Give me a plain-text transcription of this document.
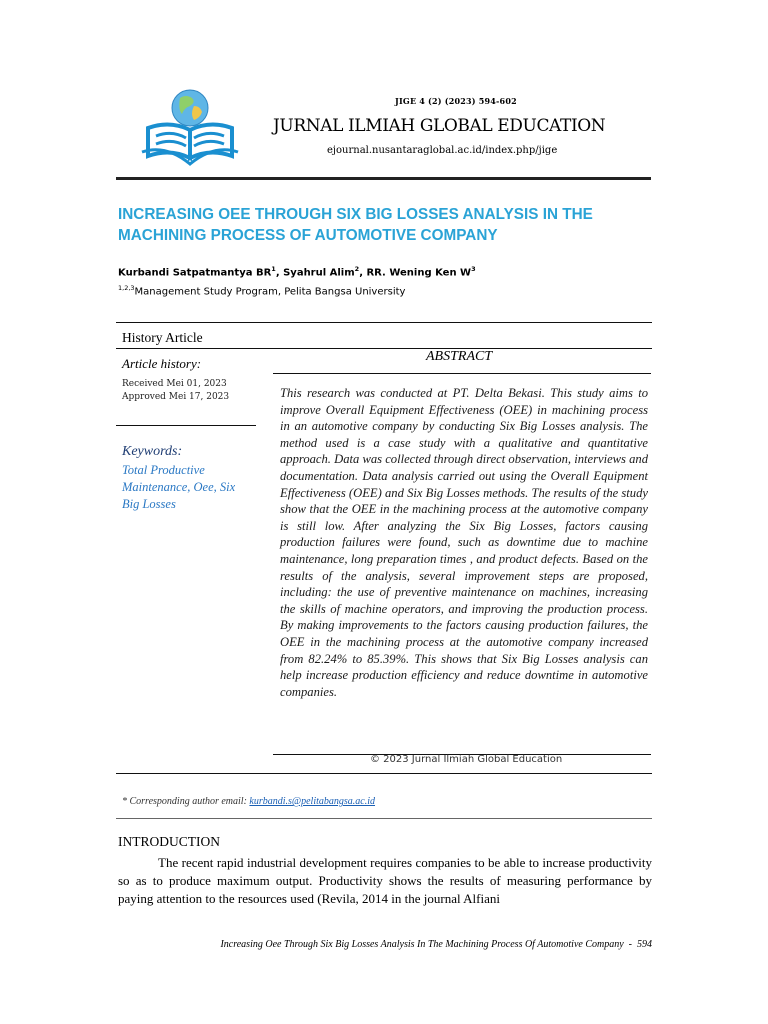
JIGE 4 (2) (2023) 594-602
JURNAL ILMIAH GLOBAL EDUCATION
ejournal.nusantaraglobal.ac.id/index.php/jige
INCREASING OEE THROUGH SIX BIG LOSSES ANALYSIS IN THE MACHINING PROCESS OF AUTOMOTIVE COMPANY
Kurbandi Satpatmantya $BR^1$, Syahrul Alim$^2$, RR. Wening Ken $W^3$
$^{1,2,3}$Management Study Program, Pelita Bangsa University
History Article
Article history:
Received Mei 01, 2023
Approved Mei 17, 2023
Keywords:
Total Productive Maintenance, Oee, Six Big Losses
ABSTRACT
This research was conducted at PT. Delta Bekasi. This study aims to improve Overall Equipment Effectiveness (OEE) in machining process in an automotive company by conducting Six Big Losses analysis. The method used is a case study with a qualitative and quantitative approach. Data was collected through direct observation, interviews and documentation. Data analysis carried out using the Overall Equipment Effectiveness (OEE) and Six Big Losses methods. The results of the study show that the OEE in the machining process at the automotive company is still low. After analyzing the Six Big Losses, factors causing production failures were found, such as downtime due to machine maintenance, long preparation times , and product defects. Based on the results of the analysis, several improvement steps are proposed, including: the use of preventive maintenance on machines, increasing the skills of machine operators, and improving the production process. By making improvements to the factors causing production failures, the OEE in the machining process at the automotive company increased from 82.24% to 85.39%. This shows that Six Big Losses analysis can help increase production efficiency and reduce downtime in automotive companies.
© 2023 Jurnal Ilmiah Global Education
* Corresponding author email: kurbandi.s@pelitabangsa.ac.id
INTRODUCTION

The recent rapid industrial development requires companies to be able to increase productivity so as to produce maximum output. Productivity shows the results of measuring performance by paying attention to the resources used (Revila, 2014 in the journal Alfiani

Increasing Oee Through Six Big Losses Analysis In The Machining Process Of Automotive Company  -  594
